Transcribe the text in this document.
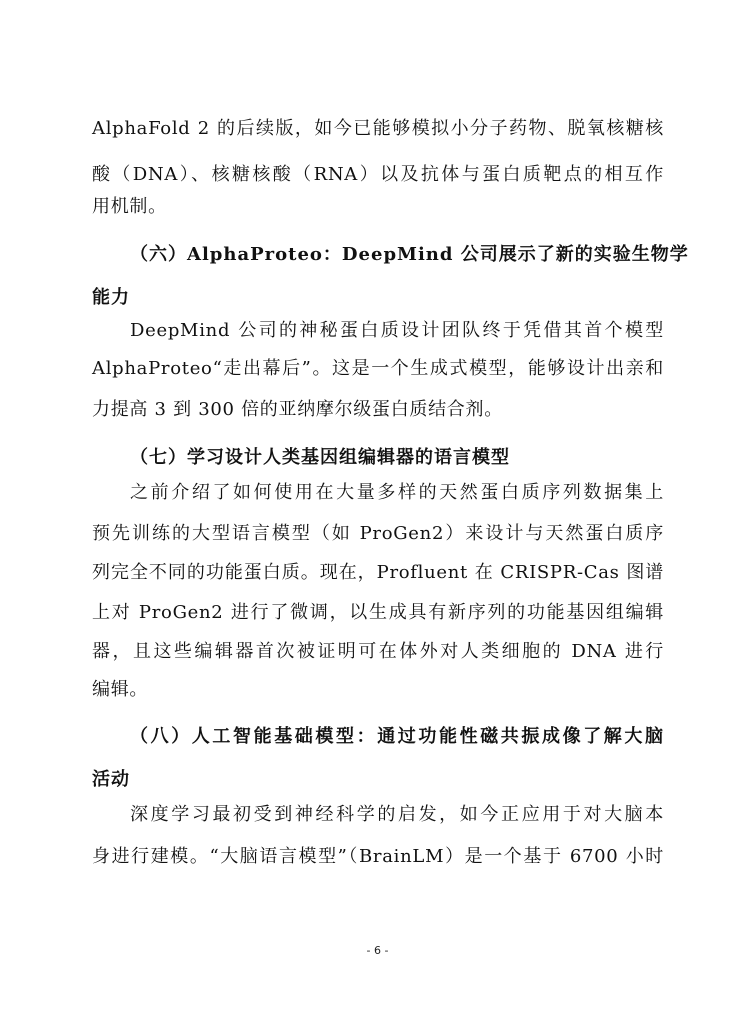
AlphaFold 2 的后续版，如今已能够模拟小分子药物、脱氧核糖核
酸（DNA）、核糖核酸（RNA）以及抗体与蛋白质靶点的相互作
用机制。
（六）AlphaProteo：DeepMind 公司展示了新的实验生物学
能力
DeepMind 公司的神秘蛋白质设计团队终于凭借其首个模型
AlphaProteo“走出幕后”。这是一个生成式模型，能够设计出亲和
力提高 3 到 300 倍的亚纳摩尔级蛋白质结合剂。
（七）学习设计人类基因组编辑器的语言模型
之前介绍了如何使用在大量多样的天然蛋白质序列数据集上
预先训练的大型语言模型（如 ProGen2）来设计与天然蛋白质序
列完全不同的功能蛋白质。现在，Profluent 在 CRISPR-Cas 图谱
上对 ProGen2 进行了微调，以生成具有新序列的功能基因组编辑
器，且这些编辑器首次被证明可在体外对人类细胞的 DNA 进行
编辑。
（八）人工智能基础模型：通过功能性磁共振成像了解大脑
活动
深度学习最初受到神经科学的启发，如今正应用于对大脑本
身进行建模。“大脑语言模型”（BrainLM）是一个基于 6700 小时
- 6 -
